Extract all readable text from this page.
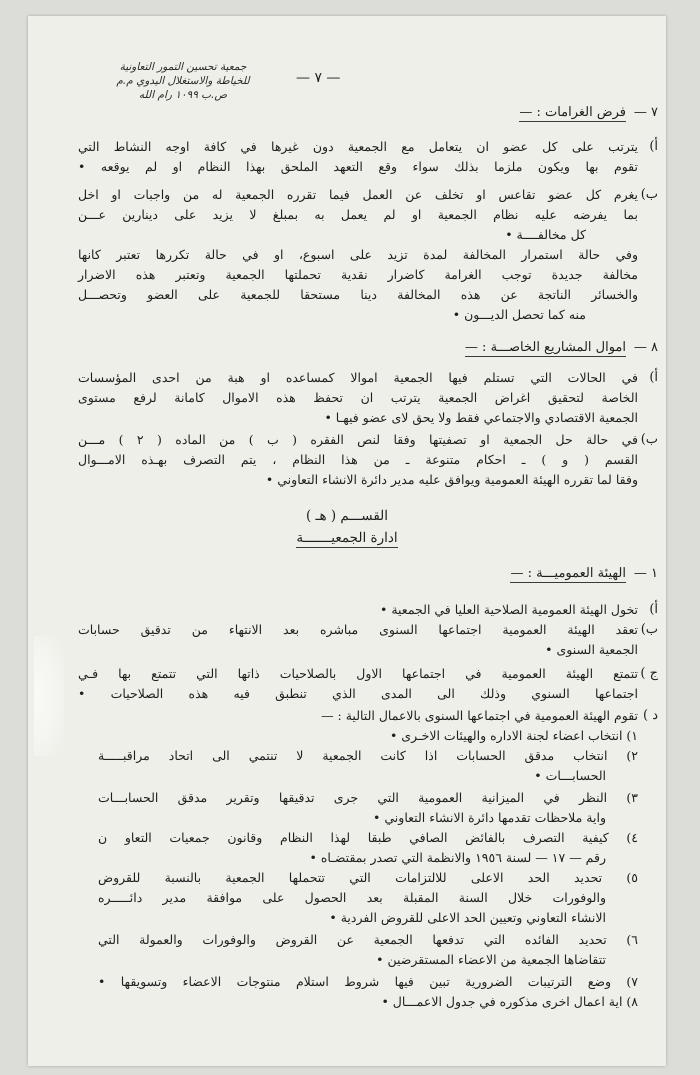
جمعية تحسين التمور التعاونية
للخياطة والاستغلال اليدوي م.م
ص.ب ١٠٩٩ رام الله
— ٧ —
٧ —
فرض الغرامات : —
أ)
يترتب على كل عضو ان يتعامل مع الجمعية دون غيرها في كافة اوجه النشاط التي
تقوم بها ويكون ملزما بذلك سواء وقع التعهد الملحق بهذا النظام او لم يوقعه •
ب)
يغرم كل عضو تقاعس او تخلف عن العمل فيما تقرره الجمعية له من واجبات او اخل
بما يفرضه عليه نظام الجمعية او لم يعمل به بمبلغ لا يزيد على دينارين عـــن
كل مخالفــــة •
وفي حالة استمرار المخالفة لمدة تزيد على اسبوع، او في حالة تكررها تعتبر كانها
مخالفة جديدة توجب الغرامة كاضرار نقدية تحملتها الجمعية وتعتبر هذه الاضرار
والخسائر الناتجة عن هذه المخالفة دينا مستحقا للجمعية على العضو وتحصـــل
منه كما تحصل الديـــون •
٨ —
اموال المشاريع الخاصـــة : —
أ)
في الحالات التي تستلم فيها الجمعية اموالا كمساعده او هبة من احدى المؤسسات
الخاصة لتحقيق اغراض الجمعية يترتب ان تحفظ هذه الاموال كامانة لرفع مستوى
الجمعية الاقتصادي والاجتماعي فقط ولا يحق لاى عضو فيهـا •
ب)
في حالة حل الجمعية او تصفيتها وفقا لنص الفقره ( ب ) من الماده ( ٢ ) مـــن
القسم ( و ) ـ احكام متنوعة ـ من هذا النظام ، يتم التصرف بهـذه الامـــوال
وفقا لما تقرره الهيئة العمومية ويوافق عليه مدير دائرة الانشاء التعاوني •
القســـم ( هـ )
ادارة الجمعيـــــــة
١ —
الهيئة العموميـــة : —
أ)
تخول الهيئة العمومية الصلاحية العليا في الجمعية •
ب)
تعقد الهيئة العمومية اجتماعها السنوى مباشره بعد الانتهاء من تدقيق حسابات
الجمعية السنوى •
ج )
تتمتع الهيئة العمومية في اجتماعها الاول بالصلاحيات ذاتها التي تتمتع بها فـي
اجتماعها السنوي وذلك الى المدى الذي تنطبق فيه هذه الصلاحيات •
د )
تقوم الهيئة العمومية في اجتماعها السنوى بالاعمال التالية : —
١) انتخاب اعضاء لجنة الاداره والهيئات الاخـرى •
٢) انتخاب مدقق الحسابات اذا كانت الجمعية لا تنتمي الى اتحاد مراقبـــــة
الحسابـــات •
٣) النظر في الميزانية العمومية التي جرى تدقيقها وتقرير مدقق الحسابـــات
واية ملاحظات تقدمها دائرة الانشاء التعاوني •
٤) كيفية التصرف بالفائض الصافي طبقا لهذا النظام وقانون جمعيات التعاو ن
رقم — ١٧ — لسنة ١٩٥٦ والانظمة التي تصدر بمقتضـاه •
٥) تحديد الحد الاعلى للالتزامات التي تتحملها الجمعية بالنسبة للقروض
والوفورات خلال السنة المقبلة بعد الحصول على موافقة مدير دائـــــره
الانشاء التعاوني وتعيين الحد الاعلى للقروض الفردية •
٦) تحديد الفائده التي تدفعها الجمعية عن القروض والوفورات والعمولة التي
تتقاضاها الجمعية من الاعضاء المستقرضين •
٧) وضع الترتيبات الضرورية تبين فيها شروط استلام منتوجات الاعضاء وتسويقها •
٨) اية اعمال اخرى مذكوره في جدول الاعمـــال •
